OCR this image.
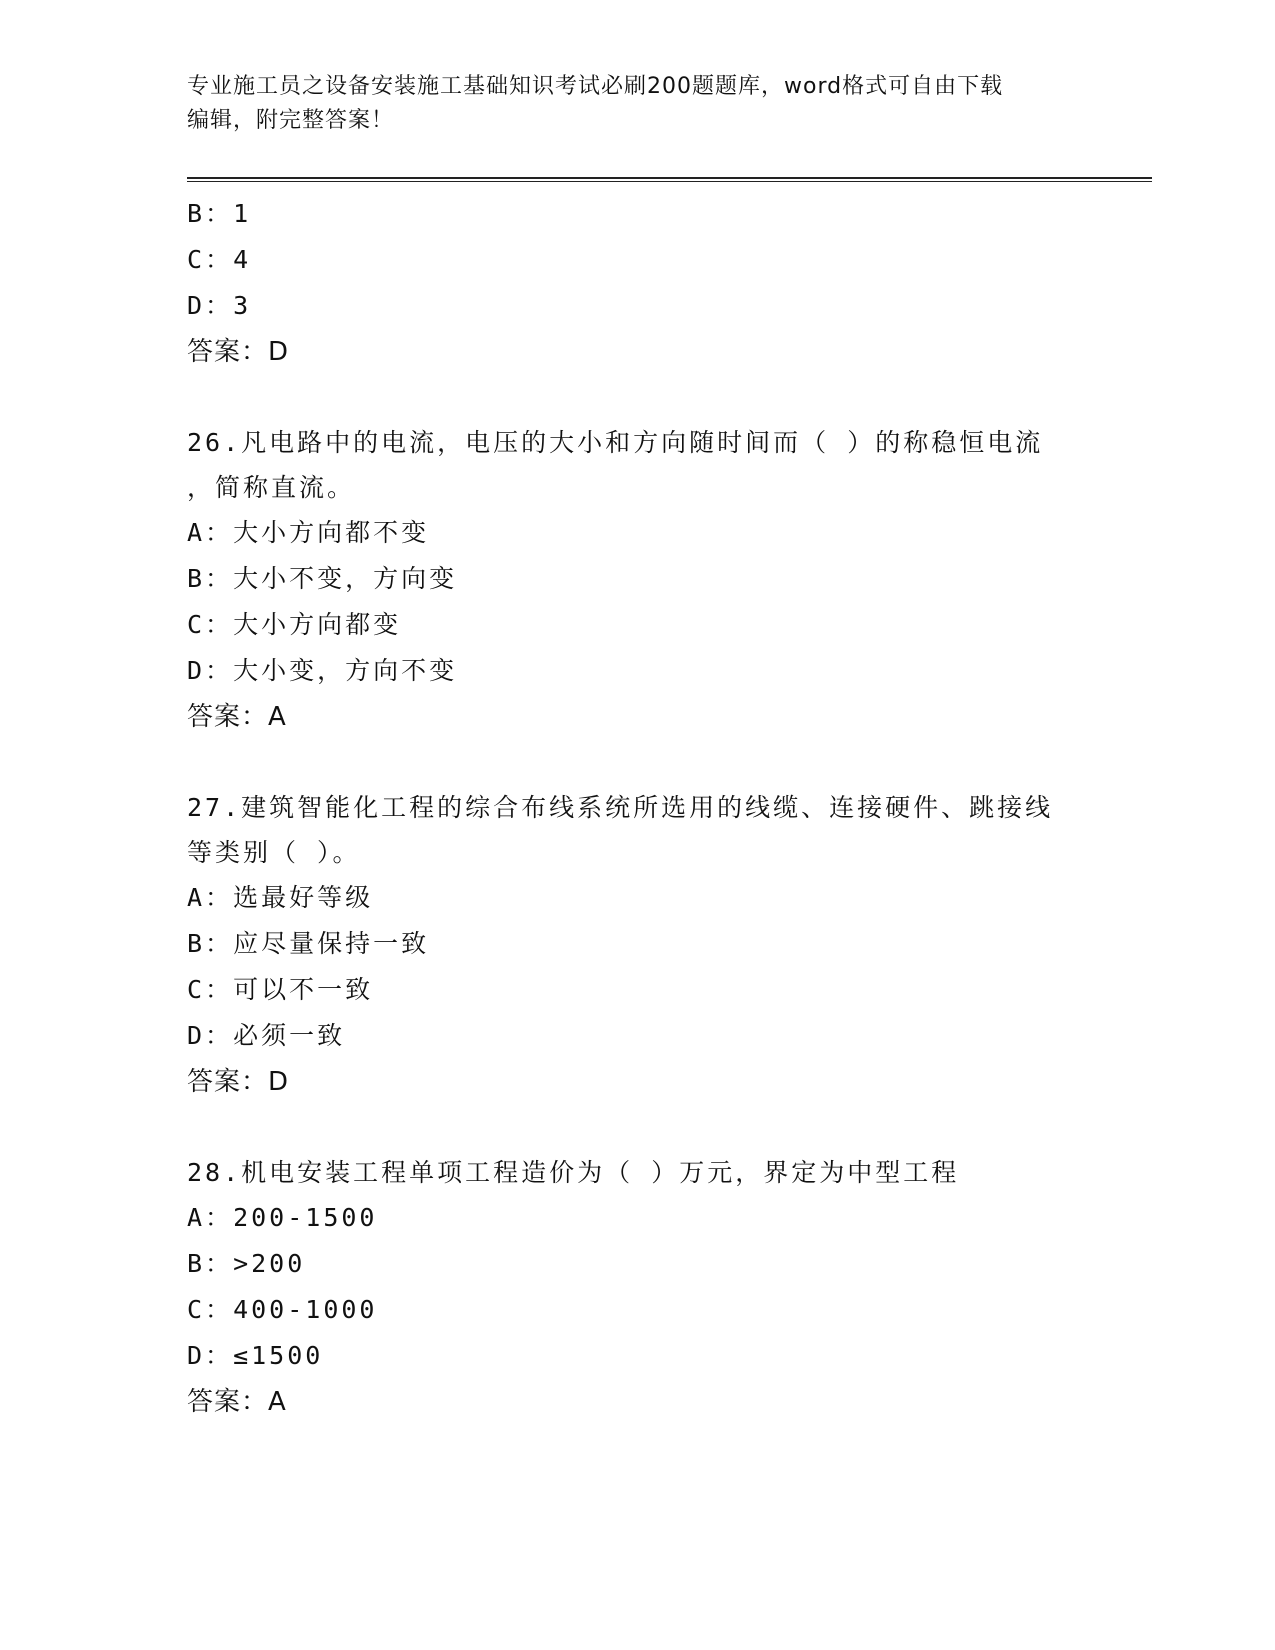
专业施工员之设备安装施工基础知识考试必刷200题题库，word格式可自由下载
编辑，附完整答案！
B：1
C：4
D：3
答案：D
26.凡电路中的电流，电压的大小和方向随时间而（ ）的称稳恒电流
，简称直流。
A：大小方向都不变
B：大小不变，方向变
C：大小方向都变
D：大小变，方向不变
答案：A
27.建筑智能化工程的综合布线系统所选用的线缆、连接硬件、跳接线
等类别（ ）。
A：选最好等级
B：应尽量保持一致
C：可以不一致
D：必须一致
答案：D
28.机电安装工程单项工程造价为（ ）万元，界定为中型工程
A：200-1500
B：>200
C：400-1000
D：≤1500
答案：A
